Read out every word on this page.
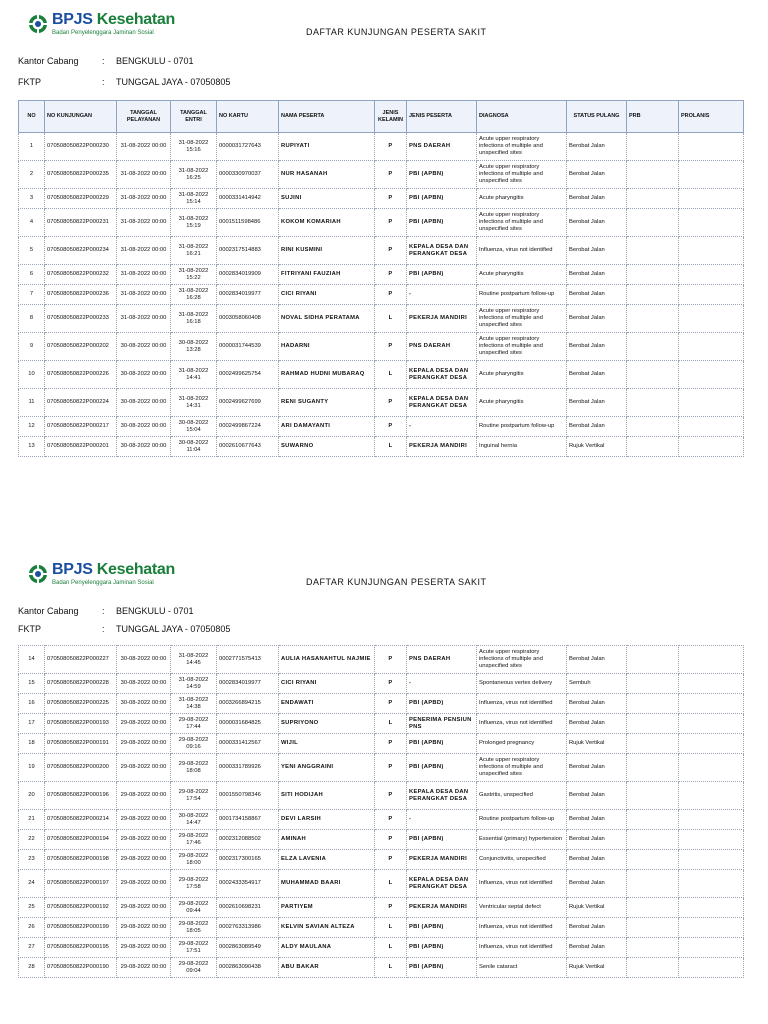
BPJS Kesehatan
Badan Penyelenggara Jaminan Sosial	DAFTAR KUNJUNGAN PESERTA SAKIT
Kantor Cabang	:	BENGKULU - 0701
FKTP	:	TUNGGAL JAYA - 07050805
NO	NO KUNJUNGAN	TANGGAL PELAYANAN	TANGGAL ENTRI	NO KARTU	NAMA PESERTA	JENIS KELAMIN	JENIS PESERTA	DIAGNOSA	STATUS PULANG	PRB	PROLANIS
1	070508050822P000230	31-08-2022 00:00	31-08-2022 15:16	0000031727643	RUPIYATI	P	PNS DAERAH	Acute upper respiratory infections of multiple and unspecified sites	Berobat Jalan		
2	070508050822P000235	31-08-2022 00:00	31-08-2022 16:25	0000330970037	NUR HASANAH	P	PBI (APBN)	Acute upper respiratory infections of multiple and unspecified sites	Berobat Jalan		
3	070508050822P000229	31-08-2022 00:00	31-08-2022 15:14	0000331414942	SUJINI	P	PBI (APBN)	Acute pharyngitis	Berobat Jalan		
4	070508050822P000231	31-08-2022 00:00	31-08-2022 15:19	0001511598486	KOKOM KOMARIAH	P	PBI (APBN)	Acute upper respiratory infections of multiple and unspecified sites	Berobat Jalan		
5	070508050822P000234	31-08-2022 00:00	31-08-2022 16:21	0002317514883	RINI KUSMINI	P	KEPALA DESA DAN PERANGKAT DESA	Influenza, virus not identified	Berobat Jalan		
6	070508050822P000232	31-08-2022 00:00	31-08-2022 15:22	0002834019909	FITRIYANI FAUZIAH	P	PBI (APBN)	Acute pharyngitis	Berobat Jalan		
7	070508050822P000236	31-08-2022 00:00	31-08-2022 16:28	0002834019977	CICI RIYANI	P	-	Routine postpartum follow-up	Berobat Jalan		
8	070508050822P000233	31-08-2022 00:00	31-08-2022 16:18	0003058060408	NOVAL SIDHA PERATAMA	L	PEKERJA MANDIRI	Acute upper respiratory infections of multiple and unspecified sites	Berobat Jalan		
9	070508050822P000202	30-08-2022 00:00	30-08-2022 13:28	0000031744539	HADARNI	P	PNS DAERAH	Acute upper respiratory infections of multiple and unspecified sites	Berobat Jalan		
10	070508050822P000226	30-08-2022 00:00	31-08-2022 14:41	0002499625754	RAHMAD HUDNI MUBARAQ	L	KEPALA DESA DAN PERANGKAT DESA	Acute pharyngitis	Berobat Jalan		
11	070508050822P000224	30-08-2022 00:00	31-08-2022 14:31	0002499627699	RENI SUGANTY	P	KEPALA DESA DAN PERANGKAT DESA	Acute pharyngitis	Berobat Jalan		
12	070508050822P000217	30-08-2022 00:00	30-08-2022 15:04	0002499867224	ARI DAMAYANTI	P	-	Routine postpartum follow-up	Berobat Jalan		
13	070508050822P000201	30-08-2022 00:00	30-08-2022 11:04	0002610677643	SUWARNO	L	PEKERJA MANDIRI	Inguinal hernia	Rujuk Vertikal		
BPJS Kesehatan
Badan Penyelenggara Jaminan Sosial	DAFTAR KUNJUNGAN PESERTA SAKIT
Kantor Cabang	:	BENGKULU - 0701
FKTP	:	TUNGGAL JAYA - 07050805
14	070508050822P000227	30-08-2022 00:00	31-08-2022 14:45	0002771575413	AULIA HASANAHTUL NAJMIE	P	PNS DAERAH	Acute upper respiratory infections of multiple and unspecified sites	Berobat Jalan		
15	070508050822P000228	30-08-2022 00:00	31-08-2022 14:59	0002834019977	CICI RIYANI	P	-	Spontaneous vertex delivery	Sembuh		
16	070508050822P000225	30-08-2022 00:00	31-08-2022 14:38	0003266894215	ENDAWATI	P	PBI (APBD)	Influenza, virus not identified	Berobat Jalan		
17	070508050822P000193	29-08-2022 00:00	29-08-2022 17:44	0000031684825	SUPRIYONO	L	PENERIMA PENSIUN PNS	Influenza, virus not identified	Berobat Jalan		
18	070508050822P000191	29-08-2022 00:00	29-08-2022 09:16	0000331412567	WIJIL	P	PBI (APBN)	Prolonged pregnancy	Rujuk Vertikal		
19	070508050822P000200	29-08-2022 00:00	29-08-2022 18:08	0000331789926	YENI ANGGRAINI	P	PBI (APBN)	Acute upper respiratory infections of multiple and unspecified sites	Berobat Jalan		
20	070508050822P000196	29-08-2022 00:00	29-08-2022 17:54	0001550798346	SITI HODIJAH	P	KEPALA DESA DAN PERANGKAT DESA	Gastritis, unspecified	Berobat Jalan		
21	070508050822P000214	29-08-2022 00:00	30-08-2022 14:47	0001734158867	DEVI LARSIH	P	-	Routine postpartum follow-up	Berobat Jalan		
22	070508050822P000194	29-08-2022 00:00	29-08-2022 17:46	0002312088502	AMINAH	P	PBI (APBN)	Essential (primary) hypertension	Berobat Jalan		
23	070508050822P000198	29-08-2022 00:00	29-08-2022 18:00	0002317300165	ELZA LAVENIA	P	PEKERJA MANDIRI	Conjunctivitis, unspecified	Berobat Jalan		
24	070508050822P000197	29-08-2022 00:00	29-08-2022 17:58	0002433354917	MUHAMMAD BAARI	L	KEPALA DESA DAN PERANGKAT DESA	Influenza, virus not identified	Berobat Jalan		
25	070508050822P000192	29-08-2022 00:00	29-08-2022 09:44	0002610698231	PARTIYEM	P	PEKERJA MANDIRI	Ventricular septal defect	Rujuk Vertikal		
26	070508050822P000199	29-08-2022 00:00	29-08-2022 18:05	0002763313986	KELVIN SAVIAN ALTEZA	L	PBI (APBN)	Influenza, virus not identified	Berobat Jalan		
27	070508050822P000195	29-08-2022 00:00	29-08-2022 17:51	0002863089549	ALDY MAULANA	L	PBI (APBN)	Influenza, virus not identified	Berobat Jalan		
28	070508050822P000190	29-08-2022 00:00	29-08-2022 09:04	0002863090438	ABU BAKAR	L	PBI (APBN)	Senile cataract	Rujuk Vertikal		
